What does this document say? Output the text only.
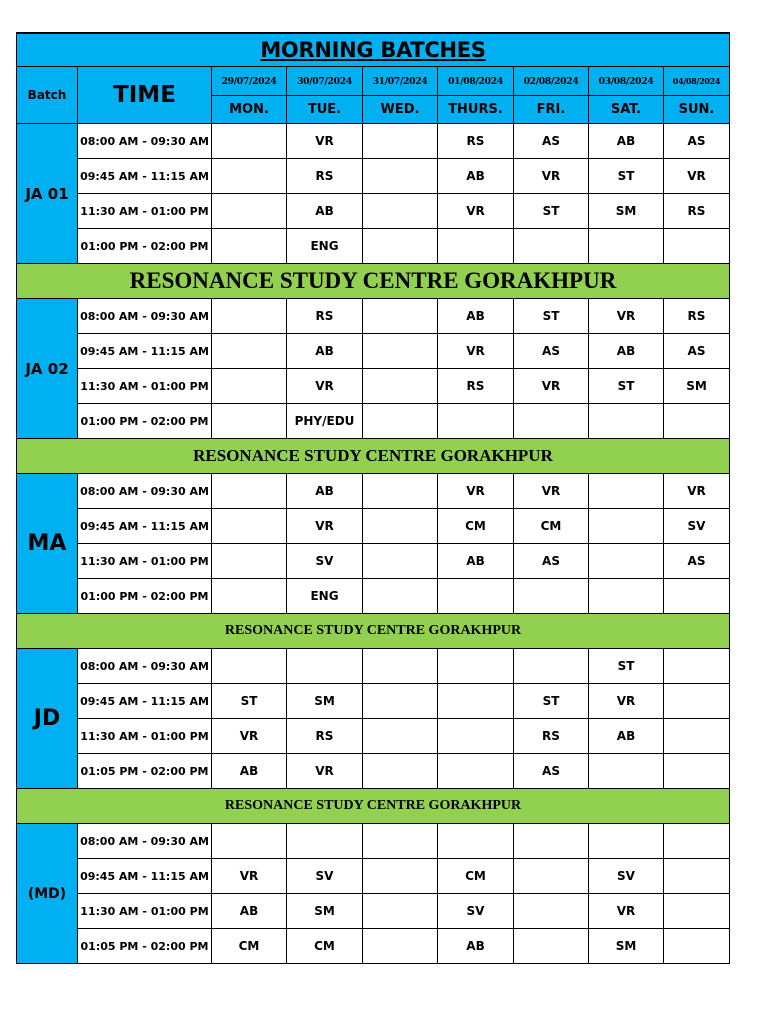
MORNING BATCHES								
Batch	TIME	29/07/2024	30/07/2024	31/07/2024	01/08/2024	02/08/2024	03/08/2024	04/08/2024
		MON.	TUE.	WED.	THURS.	FRI.	SAT.	SUN.
JA 01	08:00 AM - 09:30 AM		VR		RS	AS	AB	AS
	09:45 AM - 11:15 AM		RS		AB	VR	ST	VR
	11:30 AM - 01:00 PM		AB		VR	ST	SM	RS
	01:00 PM - 02:00 PM		ENG					
RESONANCE STUDY CENTRE GORAKHPUR								
JA 02	08:00 AM - 09:30 AM		RS		AB	ST	VR	RS
	09:45 AM - 11:15 AM		AB		VR	AS	AB	AS
	11:30 AM - 01:00 PM		VR		RS	VR	ST	SM
	01:00 PM - 02:00 PM		PHY/EDU					
RESONANCE STUDY CENTRE GORAKHPUR								
MA	08:00 AM - 09:30 AM		AB		VR	VR		VR
	09:45 AM - 11:15 AM		VR		CM	CM		SV
	11:30 AM - 01:00 PM		SV		AB	AS		AS
	01:00 PM - 02:00 PM		ENG					
RESONANCE STUDY CENTRE GORAKHPUR								
JD	08:00 AM - 09:30 AM						ST	
	09:45 AM - 11:15 AM	ST	SM			ST	VR	
	11:30 AM - 01:00 PM	VR	RS			RS	AB	
	01:05 PM - 02:00 PM	AB	VR			AS		
RESONANCE STUDY CENTRE GORAKHPUR								
(MD)	08:00 AM - 09:30 AM							
	09:45 AM - 11:15 AM	VR	SV		CM		SV	
	11:30 AM - 01:00 PM	AB	SM		SV		VR	
	01:05 PM - 02:00 PM	CM	CM		AB		SM	
